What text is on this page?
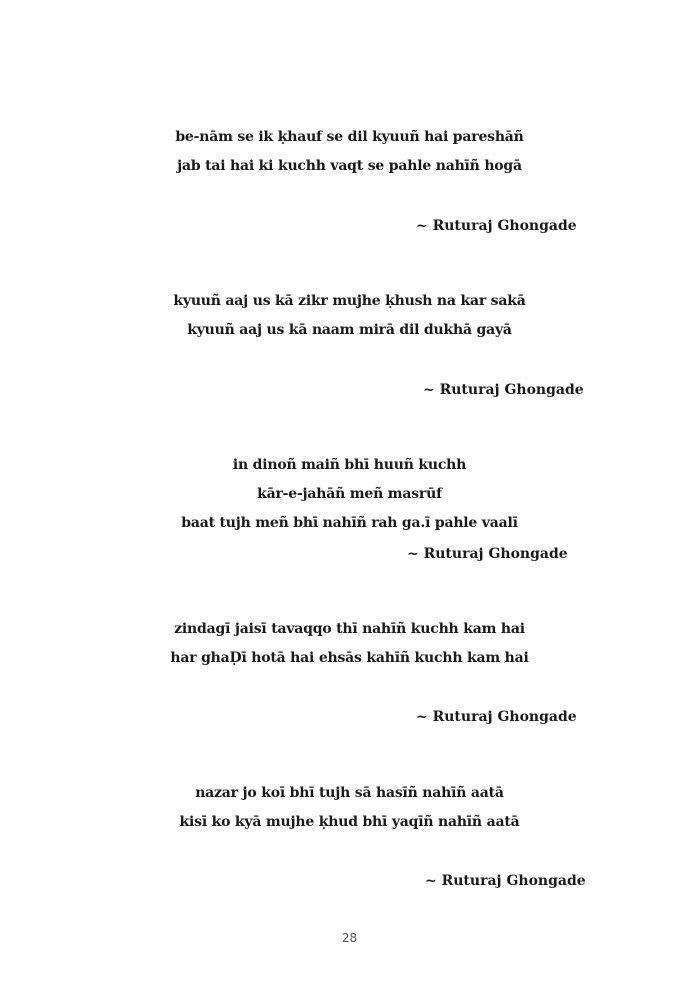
be-nām se ik ḳhauf se dil kyuuñ hai pareshāñ
jab tai hai ki kuchh vaqt se pahle nahīñ hogā
~ Ruturaj Ghongade
kyuuñ aaj us kā zikr mujhe ḳhush na kar sakā
kyuuñ aaj us kā naam mirā dil dukhā gayā
~ Ruturaj Ghongade
in dinoñ maiñ bhī huuñ kuchh
kār-e-jahāñ meñ masrūf
baat tujh meñ bhī nahīñ rah ga.ī pahle vaalī
~ Ruturaj Ghongade
zindagī jaisī tavaqqo thī nahīñ kuchh kam hai
har ghaḌī hotā hai ehsās kahīñ kuchh kam hai
~ Ruturaj Ghongade
nazar jo koī bhī tujh sā hasīñ nahīñ aatā
kisī ko kyā mujhe ḳhud bhī yaqīñ nahīñ aatā
~ Ruturaj Ghongade
28
